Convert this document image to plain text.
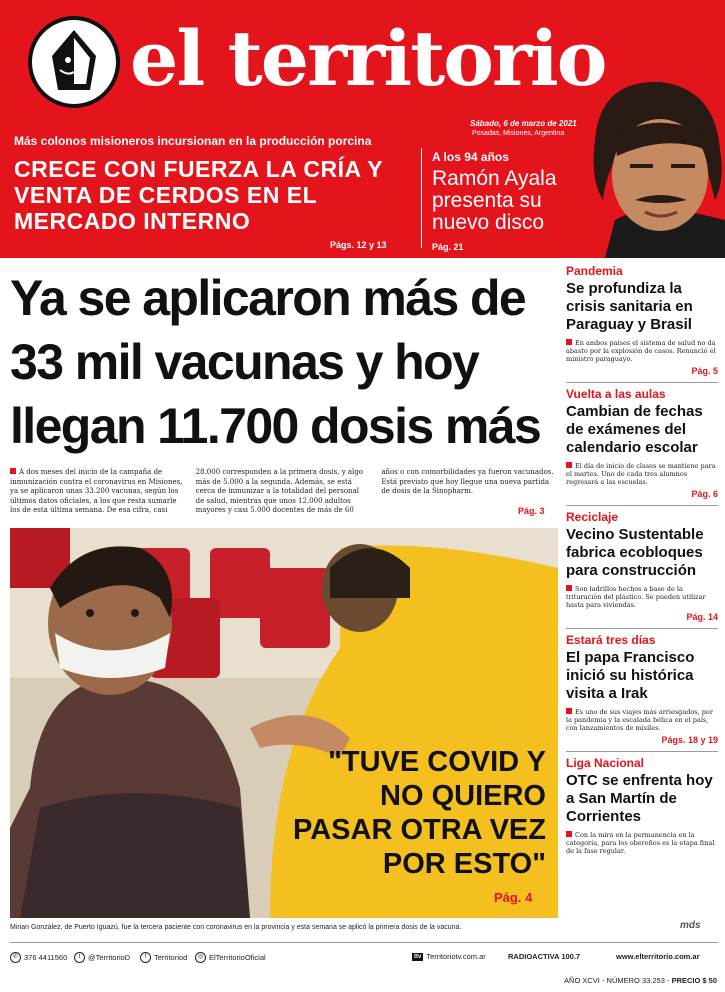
el territorio
Sábado, 6 de marzo de 2021
Posadas, Misiones, Argentina
Más colonos misioneros incursionan en la producción porcina
CRECE CON FUERZA LA CRÍA Y VENTA DE CERDOS EN EL MERCADO INTERNO
Págs. 12 y 13
A los 94 años
Ramón Ayala presenta su nuevo disco
Pág. 21
Ya se aplicaron más de 33 mil vacunas y hoy llegan 11.700 dosis más
A dos meses del inicio de la campaña de inmunización contra el coronavirus en Misiones, ya se aplicaron unas 33.200 vacunas, según los últimos datos oficiales, a los que resta sumarle los de esta última semana. De esa cifra, casi 28.000 corresponden a la primera dosis, y algo más de 5.000 a la segunda. Además, se está cerca de inmunizar a la totalidad del personal de salud, mientras que unos 12.000 adultos mayores y casi 5.000 docentes de más de 60 años o con comorbilidades ya fueron vacunados. Está previsto que hoy llegue una nueva partida de dosis de la Sinopharm.
Pág. 3
"TUVE COVID Y NO QUIERO PASAR OTRA VEZ POR ESTO"
Pág. 4
Mirian González, de Puerto Iguazú, fue la tercera paciente con coronavirus en la provincia y esta semana se aplicó la primera dosis de la vacuna.
Pandemia
Se profundiza la crisis sanitaria en Paraguay y Brasil
En ambos países el sistema de salud no da abasto por la explosión de casos. Renunció el ministro paraguayo.
Pág. 5
Vuelta a las aulas
Cambian de fechas de exámenes del calendario escolar
El día de inicio de clases se mantiene para el martes. Uno de cada tres alumnos regresará a las escuelas.
Pág. 6
Reciclaje
Vecino Sustentable fabrica ecobloques para construcción
Son ladrillos hechos a base de la trituración del plástico. Se pueden utilizar hasta para viviendas.
Pág. 14
Estará tres días
El papa Francisco inició su histórica visita a Irak
Es uno de sus viajes más arriesgados, por la pandemia y la escalada bélica en el país, con lanzamientos de misiles.
Págs. 18 y 19
Liga Nacional
OTC se enfrenta hoy a San Martín de Corrientes
Con la mira en la permanencia en la categoría, para los obereños es la etapa final de la fase regular.
mds
✆ 376 4411560	t	@TerritorioD	f	Territoriod	◎ ElTerritorioOficial	ttv Territoriotv.com.ar	RADIOACTIVA 100.7	www.elterritorio.com.ar
AÑO XCVI - NÚMERO 33.253 - PRECIO $ 50
